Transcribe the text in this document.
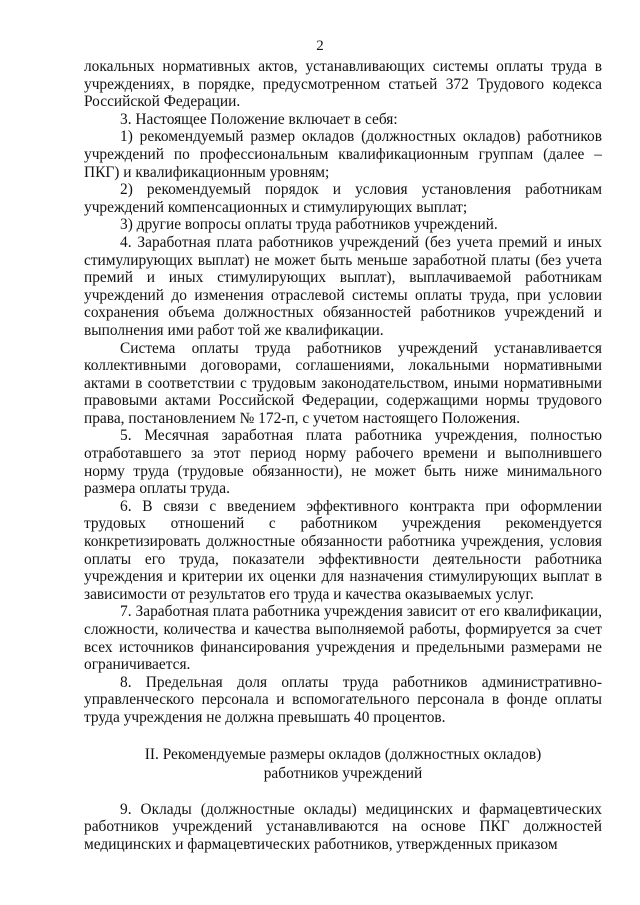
2

локальных нормативных актов, устанавливающих системы оплаты труда в учреждениях, в порядке, предусмотренном статьей 372 Трудового кодекса Российской Федерации.

3. Настоящее Положение включает в себя:

1) рекомендуемый размер окладов (должностных окладов) работников учреждений по профессиональным квалификационным группам (далее – ПКГ) и квалификационным уровням;

2) рекомендуемый порядок и условия установления работникам учреждений компенсационных и стимулирующих выплат;

3) другие вопросы оплаты труда работников учреждений.

4. Заработная плата работников учреждений (без учета премий и иных стимулирующих выплат) не может быть меньше заработной платы (без учета премий и иных стимулирующих выплат), выплачиваемой работникам учреждений до изменения отраслевой системы оплаты труда, при условии сохранения объема должностных обязанностей работников учреждений и выполнения ими работ той же квалификации.

Система оплаты труда работников учреждений устанавливается коллективными договорами, соглашениями, локальными нормативными актами в соответствии с трудовым законодательством, иными нормативными правовыми актами Российской Федерации, содержащими нормы трудового права, постановлением № 172-п, с учетом настоящего Положения.

5. Месячная заработная плата работника учреждения, полностью отработавшего за этот период норму рабочего времени и выполнившего норму труда (трудовые обязанности), не может быть ниже минимального размера оплаты труда.

6. В связи с введением эффективного контракта при оформлении трудовых отношений с работником учреждения рекомендуется конкретизировать должностные обязанности работника учреждения, условия оплаты его труда, показатели эффективности деятельности работника учреждения и критерии их оценки для назначения стимулирующих выплат в зависимости от результатов его труда и качества оказываемых услуг.

7. Заработная плата работника учреждения зависит от его квалификации, сложности, количества и качества выполняемой работы, формируется за счет всех источников финансирования учреждения и предельными размерами не ограничивается.

8. Предельная доля оплаты труда работников административно-управленческого персонала и вспомогательного персонала в фонде оплаты труда учреждения не должна превышать 40 процентов.

II. Рекомендуемые размеры окладов (должностных окладов)
работников учреждений

9. Оклады (должностные оклады) медицинских и фармацевтических работников учреждений устанавливаются на основе ПКГ должностей медицинских и фармацевтических работников, утвержденных приказом
